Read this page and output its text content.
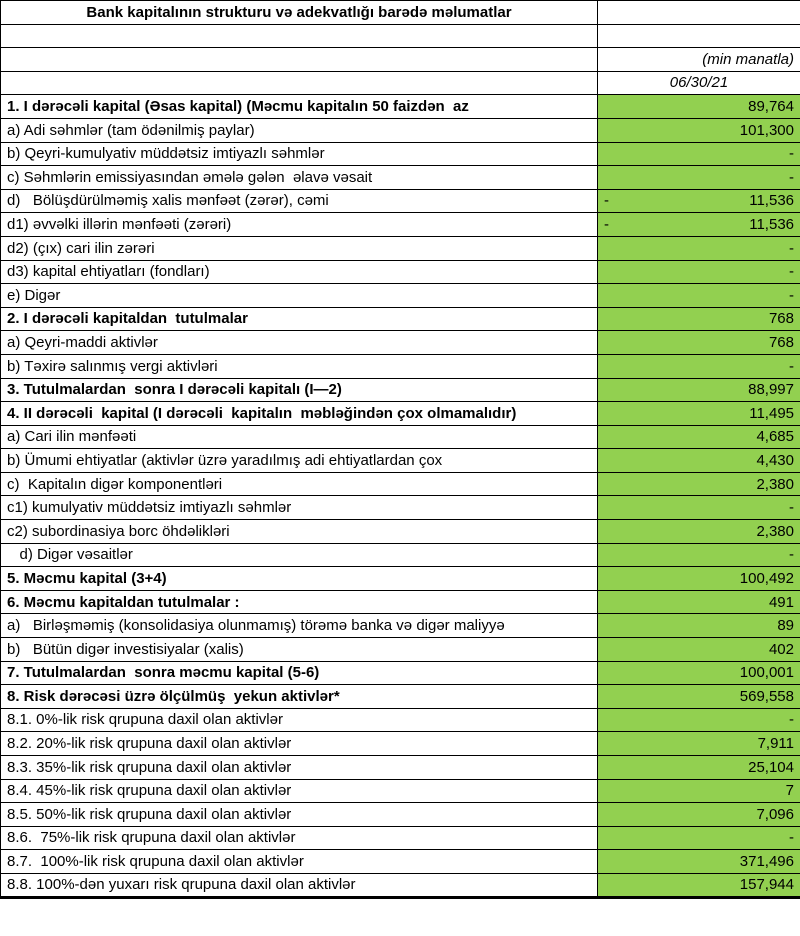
Bank kapitalının strukturu və adekvatlığı barədə məlumatlar	

	(min manatla)
	06/30/21
1. I dərəcəli kapital (Əsas kapital) (Məcmu kapitalın 50 faizdən  az	89,764
a) Adi səhmlər (tam ödənilmiş paylar)	101,300
b) Qeyri-kumulyativ müddətsiz imtiyazlı səhmlər	-
c) Səhmlərin emissiyasından əmələ gələn  əlavə vəsait	-
d)   Bölüşdürülməmiş xalis mənfəət (zərər), cəmi	- 11,536
d1) əvvəlki illərin mənfəəti (zərəri)	- 11,536
d2) (çıx) cari ilin zərəri	-
d3) kapital ehtiyatları (fondları)	-
e) Digər	-
2. I dərəcəli kapitaldan  tutulmalar	768
a) Qeyri-maddi aktivlər	768
b) Təxirə salınmış vergi aktivləri	-
3. Tutulmalardan  sonra I dərəcəli kapitalı (I—2)	88,997
4. II dərəcəli  kapital (I dərəcəli  kapitalın  məbləğindən çox olmamalıdır)	11,495
a) Cari ilin mənfəəti	4,685
b) Ümumi ehtiyatlar (aktivlər üzrə yaradılmış adi ehtiyatlardan çox	4,430
c)  Kapitalın digər komponentləri	2,380
c1) kumulyativ müddətsiz imtiyazlı səhmlər	-
c2) subordinasiya borc öhdəlikləri	2,380
d) Digər vəsaitlər	-
5. Məcmu kapital (3+4)	100,492
6. Məcmu kapitaldan tutulmalar :	491
a)   Birləşməmiş (konsolidasiya olunmamış) törəmə banka və digər maliyyə	89
b)   Bütün digər investisiyalar (xalis)	402
7. Tutulmalardan  sonra məcmu kapital (5-6)	100,001
8. Risk dərəcəsi üzrə ölçülmüş  yekun aktivlər*	569,558
8.1. 0%-lik risk qrupuna daxil olan aktivlər	-
8.2. 20%-lik risk qrupuna daxil olan aktivlər	7,911
8.3. 35%-lik risk qrupuna daxil olan aktivlər	25,104
8.4. 45%-lik risk qrupuna daxil olan aktivlər	7
8.5. 50%-lik risk qrupuna daxil olan aktivlər	7,096
8.6.  75%-lik risk qrupuna daxil olan aktivlər	-
8.7.  100%-lik risk qrupuna daxil olan aktivlər	371,496
8.8. 100%-dən yuxarı risk qrupuna daxil olan aktivlər	157,944
